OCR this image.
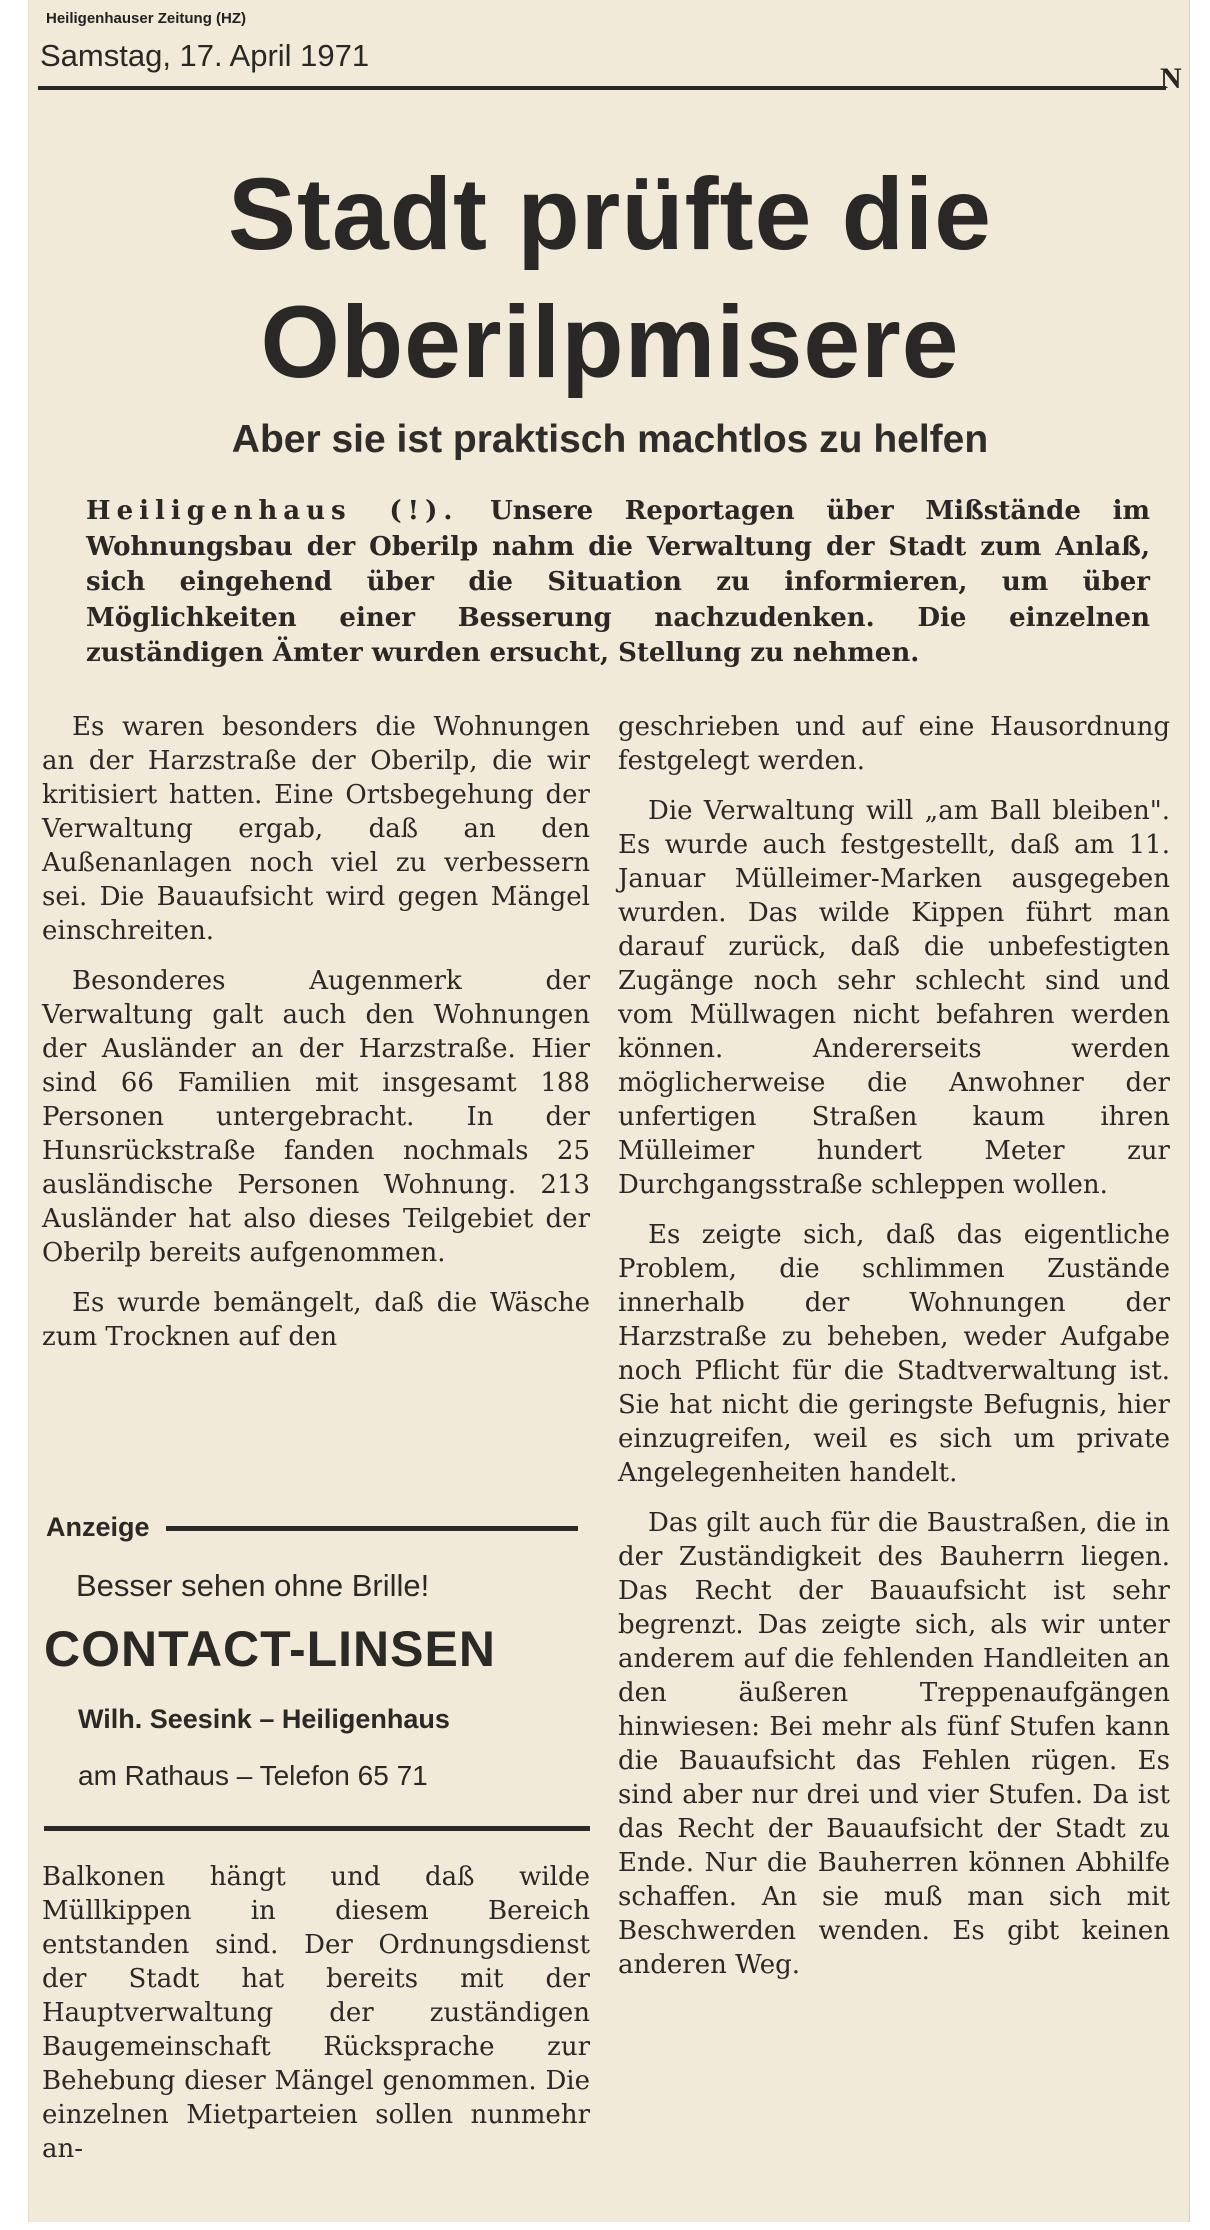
Heiligenhauser Zeitung (HZ)
Samstag, 17. April 1971
N
Stadt prüfte die
Oberilpmisere
Aber sie ist praktisch machtlos zu helfen
Heiligenhaus (!). Unsere Reportagen über Mißstände im Wohnungsbau der Oberilp nahm die Verwaltung der Stadt zum Anlaß, sich eingehend über die Situation zu informieren, um über Möglichkeiten einer Besserung nachzudenken. Die einzelnen zuständigen Ämter wurden ersucht, Stellung zu nehmen.

Es waren besonders die Wohnungen an der Harzstraße der Oberilp, die wir kritisiert hatten. Eine Ortsbegehung der Verwaltung ergab, daß an den Außenanlagen noch viel zu verbessern sei. Die Bauaufsicht wird gegen Mängel einschreiten.

Besonderes Augenmerk der Verwaltung galt auch den Wohnungen der Ausländer an der Harzstraße. Hier sind 66 Familien mit insgesamt 188 Personen untergebracht. In der Hunsrückstraße fanden nochmals 25 ausländische Personen Wohnung. 213 Ausländer hat also dieses Teilgebiet der Oberilp bereits aufgenommen.

Es wurde bemängelt, daß die Wäsche zum Trocknen auf den

Anzeige
Besser sehen ohne Brille!
CONTACT-LINSEN
Wilh. Seesink – Heiligenhaus
am Rathaus – Telefon 65 71

Balkonen hängt und daß wilde Müllkippen in diesem Bereich entstanden sind. Der Ordnungsdienst der Stadt hat bereits mit der Hauptverwaltung der zuständigen Baugemeinschaft Rücksprache zur Behebung dieser Mängel genommen. Die einzelnen Mietparteien sollen nunmehr an-

geschrieben und auf eine Hausordnung festgelegt werden.

Die Verwaltung will „am Ball bleiben". Es wurde auch festgestellt, daß am 11. Januar Mülleimer-Marken ausgegeben wurden. Das wilde Kippen führt man darauf zurück, daß die unbefestigten Zugänge noch sehr schlecht sind und vom Müllwagen nicht befahren werden können. Andererseits werden möglicherweise die Anwohner der unfertigen Straßen kaum ihren Mülleimer hundert Meter zur Durchgangsstraße schleppen wollen.

Es zeigte sich, daß das eigentliche Problem, die schlimmen Zustände innerhalb der Wohnungen der Harzstraße zu beheben, weder Aufgabe noch Pflicht für die Stadtverwaltung ist. Sie hat nicht die geringste Befugnis, hier einzugreifen, weil es sich um private Angelegenheiten handelt.

Das gilt auch für die Baustraßen, die in der Zuständigkeit des Bauherrn liegen. Das Recht der Bauaufsicht ist sehr begrenzt. Das zeigte sich, als wir unter anderem auf die fehlenden Handleiten an den äußeren Treppenaufgängen hinwiesen: Bei mehr als fünf Stufen kann die Bauaufsicht das Fehlen rügen. Es sind aber nur drei und vier Stufen. Da ist das Recht der Bauaufsicht der Stadt zu Ende. Nur die Bauherren können Abhilfe schaffen. An sie muß man sich mit Beschwerden wenden. Es gibt keinen anderen Weg.
